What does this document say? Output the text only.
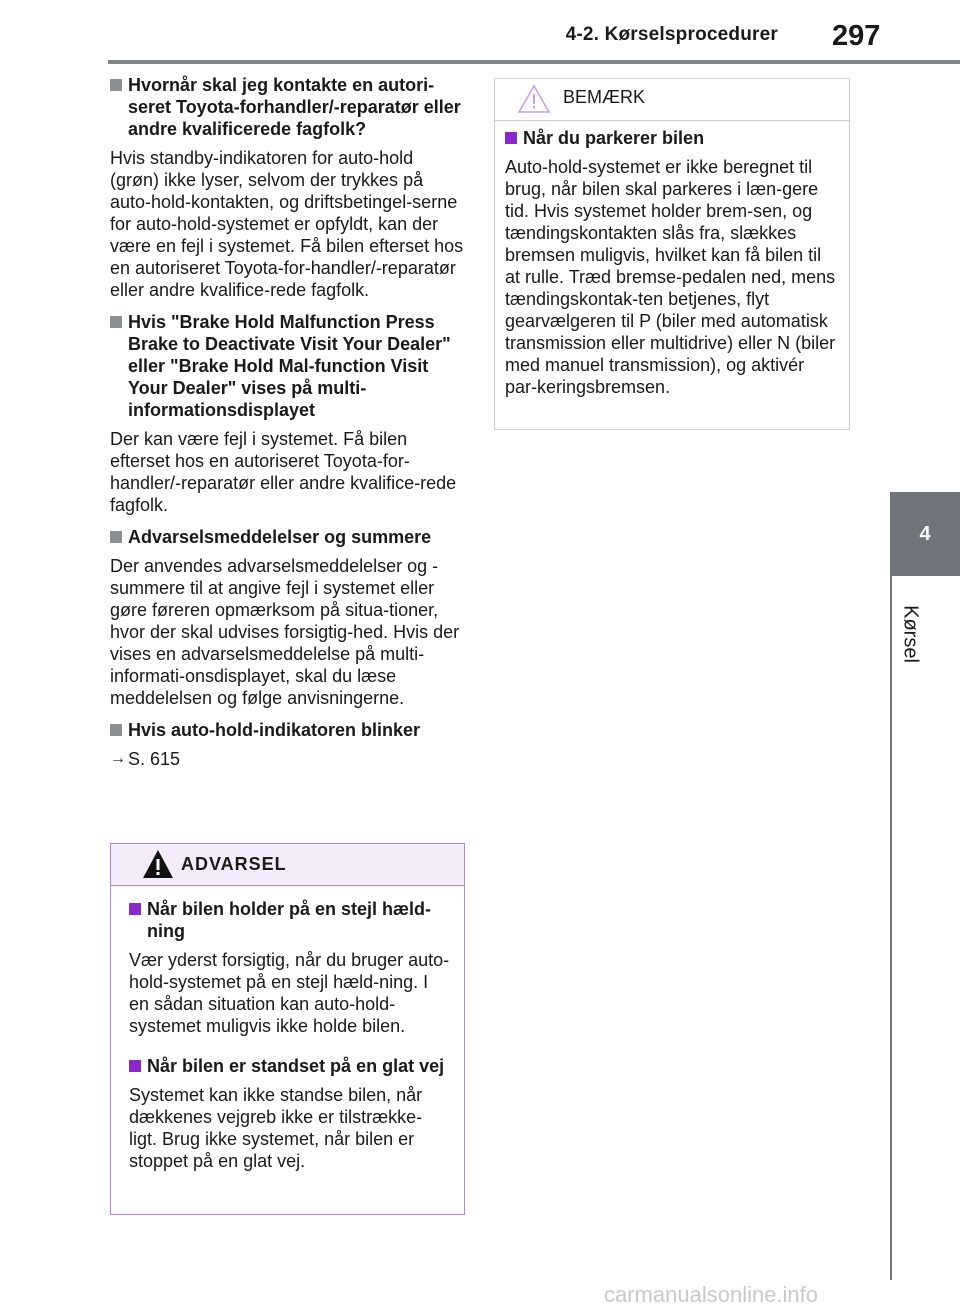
4-2. Kørselsprocedurer 297
4
Kørsel
Hvornår skal jeg kontakte en autori-seret Toyota-forhandler/-reparatør eller andre kvalificerede fagfolk?
Hvis standby-indikatoren for auto-hold (grøn) ikke lyser, selvom der trykkes på auto-hold-kontakten, og driftsbetingel-serne for auto-hold-systemet er opfyldt, kan der være en fejl i systemet. Få bilen efterset hos en autoriseret Toyota-for-handler/-reparatør eller andre kvalifice-rede fagfolk.
Hvis "Brake Hold Malfunction Press Brake to Deactivate Visit Your Dealer" eller "Brake Hold Mal-function Visit Your Dealer" vises på multi-informationsdisplayet
Der kan være fejl i systemet. Få bilen efterset hos en autoriseret Toyota-for-handler/-reparatør eller andre kvalifice-rede fagfolk.
Advarselsmeddelelser og summere
Der anvendes advarselsmeddelelser og -summere til at angive fejl i systemet eller gøre føreren opmærksom på situa-tioner, hvor der skal udvises forsigtig-hed. Hvis der vises en advarselsmeddelelse på multi-informati-onsdisplayet, skal du læse meddelelsen og følge anvisningerne.
Hvis auto-hold-indikatoren blinker
→ S. 615
ADVARSEL
Når bilen holder på en stejl hæld-ning
Vær yderst forsigtig, når du bruger auto-hold-systemet på en stejl hæld-ning. I en sådan situation kan auto-hold-systemet muligvis ikke holde bilen.
Når bilen er standset på en glat vej
Systemet kan ikke standse bilen, når dækkenes vejgreb ikke er tilstrække-ligt. Brug ikke systemet, når bilen er stoppet på en glat vej.
BEMÆRK
Når du parkerer bilen
Auto-hold-systemet er ikke beregnet til brug, når bilen skal parkeres i læn-gere tid. Hvis systemet holder brem-sen, og tændingskontakten slås fra, slækkes bremsen muligvis, hvilket kan få bilen til at rulle. Træd bremse-pedalen ned, mens tændingskontak-ten betjenes, flyt gearvælgeren til P (biler med automatisk transmission eller multidrive) eller N (biler med manuel transmission), og aktivér par-keringsbremsen.
carmanualsonline.info
